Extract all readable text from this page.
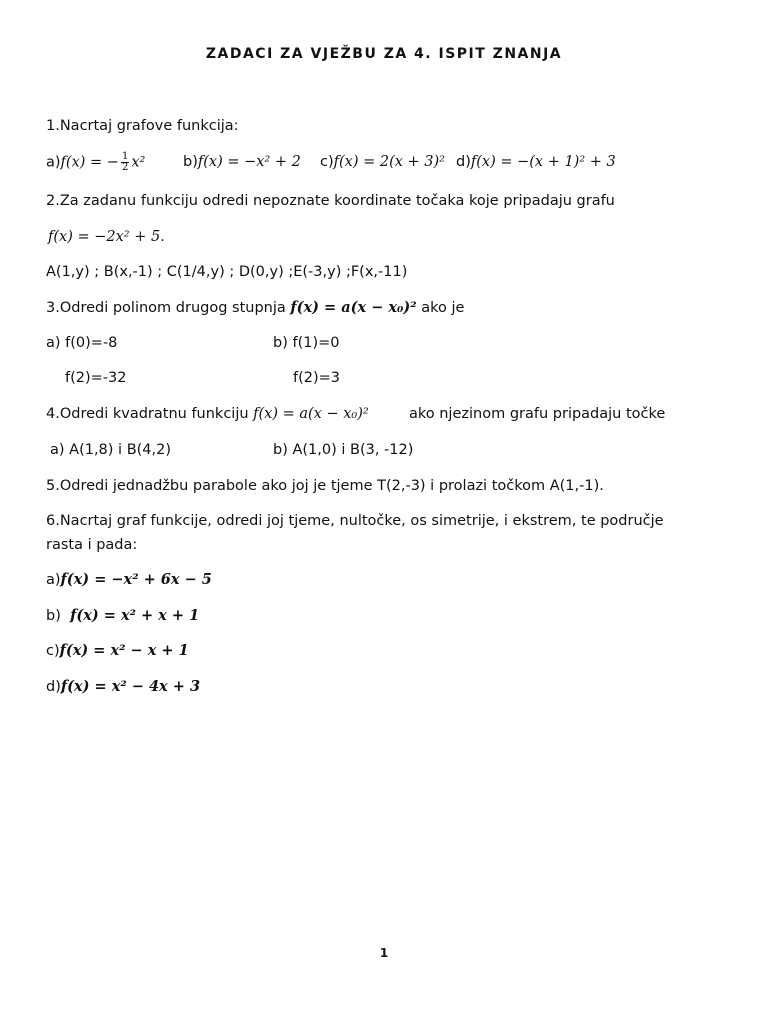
ZADACI ZA VJEŽBU ZA 4. ISPIT ZNANJA
1.Nacrtaj grafove funkcija:
a)f(x) = − $\frac{1}{2} x^2$	b)f(x) = −x² + 2 c)f(x) = 2(x + 3)² d)f(x) = −(x + 1)² + 3
2.Za zadanu funkciju odredi nepoznate koordinate točaka koje pripadaju grafu
f(x) = −2x² + 5.
A(1,y) ; B(x,-1) ; C(1/4,y) ; D(0,y) ;E(-3,y) ;F(x,-11)
3.Odredi polinom drugog stupnja f(x) = a(x − x₀)² ako je
a) f(0)=-8	b) f(1)=0
f(2)=-32	f(2)=3
4.Odredi kvadratnu funkciju f(x) = a(x − x₀)²	ako njezinom grafu pripadaju točke
a) A(1,8) i B(4,2)	b) A(1,0) i B(3, -12)
5.Odredi jednadžbu parabole ako joj je tjeme T(2,-3) i prolazi točkom A(1,-1).
6.Nacrtaj graf funkcije, odredi joj tjeme, nultočke, os simetrije, i ekstrem, te područje
rasta i pada:
a)f(x) = −x² + 6x − 5
b) f(x) = x² + x + 1
c)f(x) = x² − x + 1
d)f(x) = x² − 4x + 3
1
